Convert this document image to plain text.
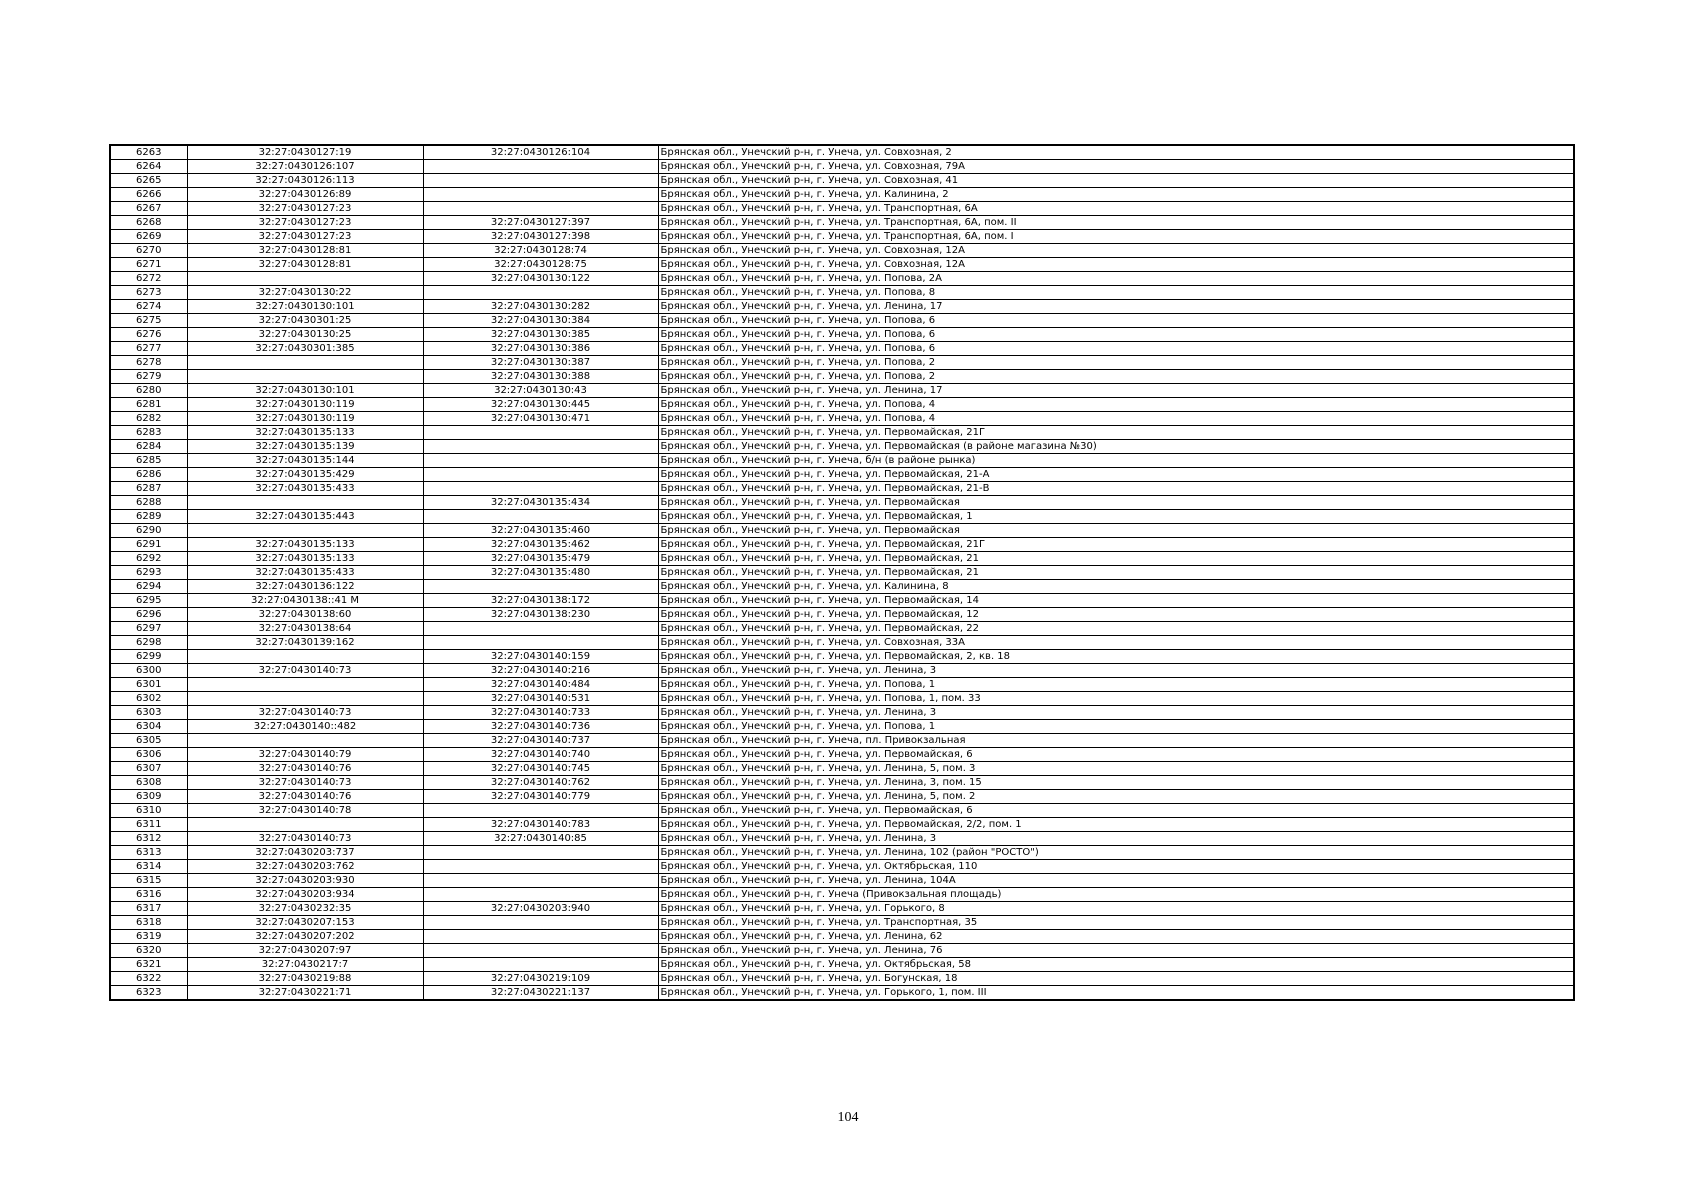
6263	32:27:0430127:19	32:27:0430126:104	Брянская обл., Унечский р-н, г. Унеча, ул. Совхозная, 2
6264	32:27:0430126:107		Брянская обл., Унечский р-н, г. Унеча, ул. Совхозная, 79А
6265	32:27:0430126:113		Брянская обл., Унечский р-н, г. Унеча, ул. Совхозная, 41
6266	32:27:0430126:89		Брянская обл., Унечский р-н, г. Унеча, ул. Калинина, 2
6267	32:27:0430127:23		Брянская обл., Унечский р-н, г. Унеча, ул. Транспортная, 6А
6268	32:27:0430127:23	32:27:0430127:397	Брянская обл., Унечский р-н, г. Унеча, ул. Транспортная, 6А, пом. II
6269	32:27:0430127:23	32:27:0430127:398	Брянская обл., Унечский р-н, г. Унеча, ул. Транспортная, 6А, пом. I
6270	32:27:0430128:81	32:27:0430128:74	Брянская обл., Унечский р-н, г. Унеча, ул. Совхозная, 12А
6271	32:27:0430128:81	32:27:0430128:75	Брянская обл., Унечский р-н, г. Унеча, ул. Совхозная, 12А
6272		32:27:0430130:122	Брянская обл., Унечский р-н, г. Унеча, ул. Попова, 2А
6273	32:27:0430130:22		Брянская обл., Унечский р-н, г. Унеча, ул. Попова, 8
6274	32:27:0430130:101	32:27:0430130:282	Брянская обл., Унечский р-н, г. Унеча, ул. Ленина, 17
6275	32:27:0430301:25	32:27:0430130:384	Брянская обл., Унечский р-н, г. Унеча, ул. Попова, 6
6276	32:27:0430130:25	32:27:0430130:385	Брянская обл., Унечский р-н, г. Унеча, ул. Попова, 6
6277	32:27:0430301:385	32:27:0430130:386	Брянская обл., Унечский р-н, г. Унеча, ул. Попова, 6
6278		32:27:0430130:387	Брянская обл., Унечский р-н, г. Унеча, ул. Попова, 2
6279		32:27:0430130:388	Брянская обл., Унечский р-н, г. Унеча, ул. Попова, 2
6280	32:27:0430130:101	32:27:0430130:43	Брянская обл., Унечский р-н, г. Унеча, ул. Ленина, 17
6281	32:27:0430130:119	32:27:0430130:445	Брянская обл., Унечский р-н, г. Унеча, ул. Попова, 4
6282	32:27:0430130:119	32:27:0430130:471	Брянская обл., Унечский р-н, г. Унеча, ул. Попова, 4
6283	32:27:0430135:133		Брянская обл., Унечский р-н, г. Унеча, ул. Первомайская, 21Г
6284	32:27:0430135:139		Брянская обл., Унечский р-н, г. Унеча, ул. Первомайская (в районе магазина №30)
6285	32:27:0430135:144		Брянская обл., Унечский р-н, г. Унеча, б/н (в районе рынка)
6286	32:27:0430135:429		Брянская обл., Унечский р-н, г. Унеча, ул. Первомайская, 21-А
6287	32:27:0430135:433		Брянская обл., Унечский р-н, г. Унеча, ул. Первомайская, 21-В
6288		32:27:0430135:434	Брянская обл., Унечский р-н, г. Унеча, ул. Первомайская
6289	32:27:0430135:443		Брянская обл., Унечский р-н, г. Унеча, ул. Первомайская, 1
6290		32:27:0430135:460	Брянская обл., Унечский р-н, г. Унеча, ул. Первомайская
6291	32:27:0430135:133	32:27:0430135:462	Брянская обл., Унечский р-н, г. Унеча, ул. Первомайская, 21Г
6292	32:27:0430135:133	32:27:0430135:479	Брянская обл., Унечский р-н, г. Унеча, ул. Первомайская, 21
6293	32:27:0430135:433	32:27:0430135:480	Брянская обл., Унечский р-н, г. Унеча, ул. Первомайская, 21
6294	32:27:0430136:122		Брянская обл., Унечский р-н, г. Унеча, ул. Калинина, 8
6295	32:27:0430138::41 М	32:27:0430138:172	Брянская обл., Унечский р-н, г. Унеча, ул. Первомайская, 14
6296	32:27:0430138:60	32:27:0430138:230	Брянская обл., Унечский р-н, г. Унеча, ул. Первомайская, 12
6297	32:27:0430138:64		Брянская обл., Унечский р-н, г. Унеча, ул. Первомайская, 22
6298	32:27:0430139:162		Брянская обл., Унечский р-н, г. Унеча, ул. Совхозная, 33А
6299		32:27:0430140:159	Брянская обл., Унечский р-н, г. Унеча, ул. Первомайская, 2, кв. 18
6300	32:27:0430140:73	32:27:0430140:216	Брянская обл., Унечский р-н, г. Унеча, ул. Ленина, 3
6301		32:27:0430140:484	Брянская обл., Унечский р-н, г. Унеча, ул. Попова, 1
6302		32:27:0430140:531	Брянская обл., Унечский р-н, г. Унеча, ул. Попова, 1, пом. 33
6303	32:27:0430140:73	32:27:0430140:733	Брянская обл., Унечский р-н, г. Унеча, ул. Ленина, 3
6304	32:27:0430140::482	32:27:0430140:736	Брянская обл., Унечский р-н, г. Унеча, ул. Попова, 1
6305		32:27:0430140:737	Брянская обл., Унечский р-н, г. Унеча, пл. Привокзальная
6306	32:27:0430140:79	32:27:0430140:740	Брянская обл., Унечский р-н, г. Унеча, ул. Первомайская, 6
6307	32:27:0430140:76	32:27:0430140:745	Брянская обл., Унечский р-н, г. Унеча, ул. Ленина, 5, пом. 3
6308	32:27:0430140:73	32:27:0430140:762	Брянская обл., Унечский р-н, г. Унеча, ул. Ленина, 3, пом. 15
6309	32:27:0430140:76	32:27:0430140:779	Брянская обл., Унечский р-н, г. Унеча, ул. Ленина, 5, пом. 2
6310	32:27:0430140:78		Брянская обл., Унечский р-н, г. Унеча, ул. Первомайская, 6
6311		32:27:0430140:783	Брянская обл., Унечский р-н, г. Унеча, ул. Первомайская, 2/2, пом. 1
6312	32:27:0430140:73	32:27:0430140:85	Брянская обл., Унечский р-н, г. Унеча, ул. Ленина, 3
6313	32:27:0430203:737		Брянская обл., Унечский р-н, г. Унеча, ул. Ленина, 102 (район "РОСТО")
6314	32:27:0430203:762		Брянская обл., Унечский р-н, г. Унеча, ул. Октябрьская, 110
6315	32:27:0430203:930		Брянская обл., Унечский р-н, г. Унеча, ул. Ленина, 104А
6316	32:27:0430203:934		Брянская обл., Унечский р-н, г. Унеча (Привокзальная площадь)
6317	32:27:0430232:35	32:27:0430203:940	Брянская обл., Унечский р-н, г. Унеча, ул. Горького, 8
6318	32:27:0430207:153		Брянская обл., Унечский р-н, г. Унеча, ул. Транспортная, 35
6319	32:27:0430207:202		Брянская обл., Унечский р-н, г. Унеча, ул. Ленина, 62
6320	32:27:0430207:97		Брянская обл., Унечский р-н, г. Унеча, ул. Ленина, 76
6321	32:27:0430217:7		Брянская обл., Унечский р-н, г. Унеча, ул. Октябрьская, 58
6322	32:27:0430219:88	32:27:0430219:109	Брянская обл., Унечский р-н, г. Унеча, ул. Богунская, 18
6323	32:27:0430221:71	32:27:0430221:137	Брянская обл., Унечский р-н, г. Унеча, ул. Горького, 1, пом. III
104
